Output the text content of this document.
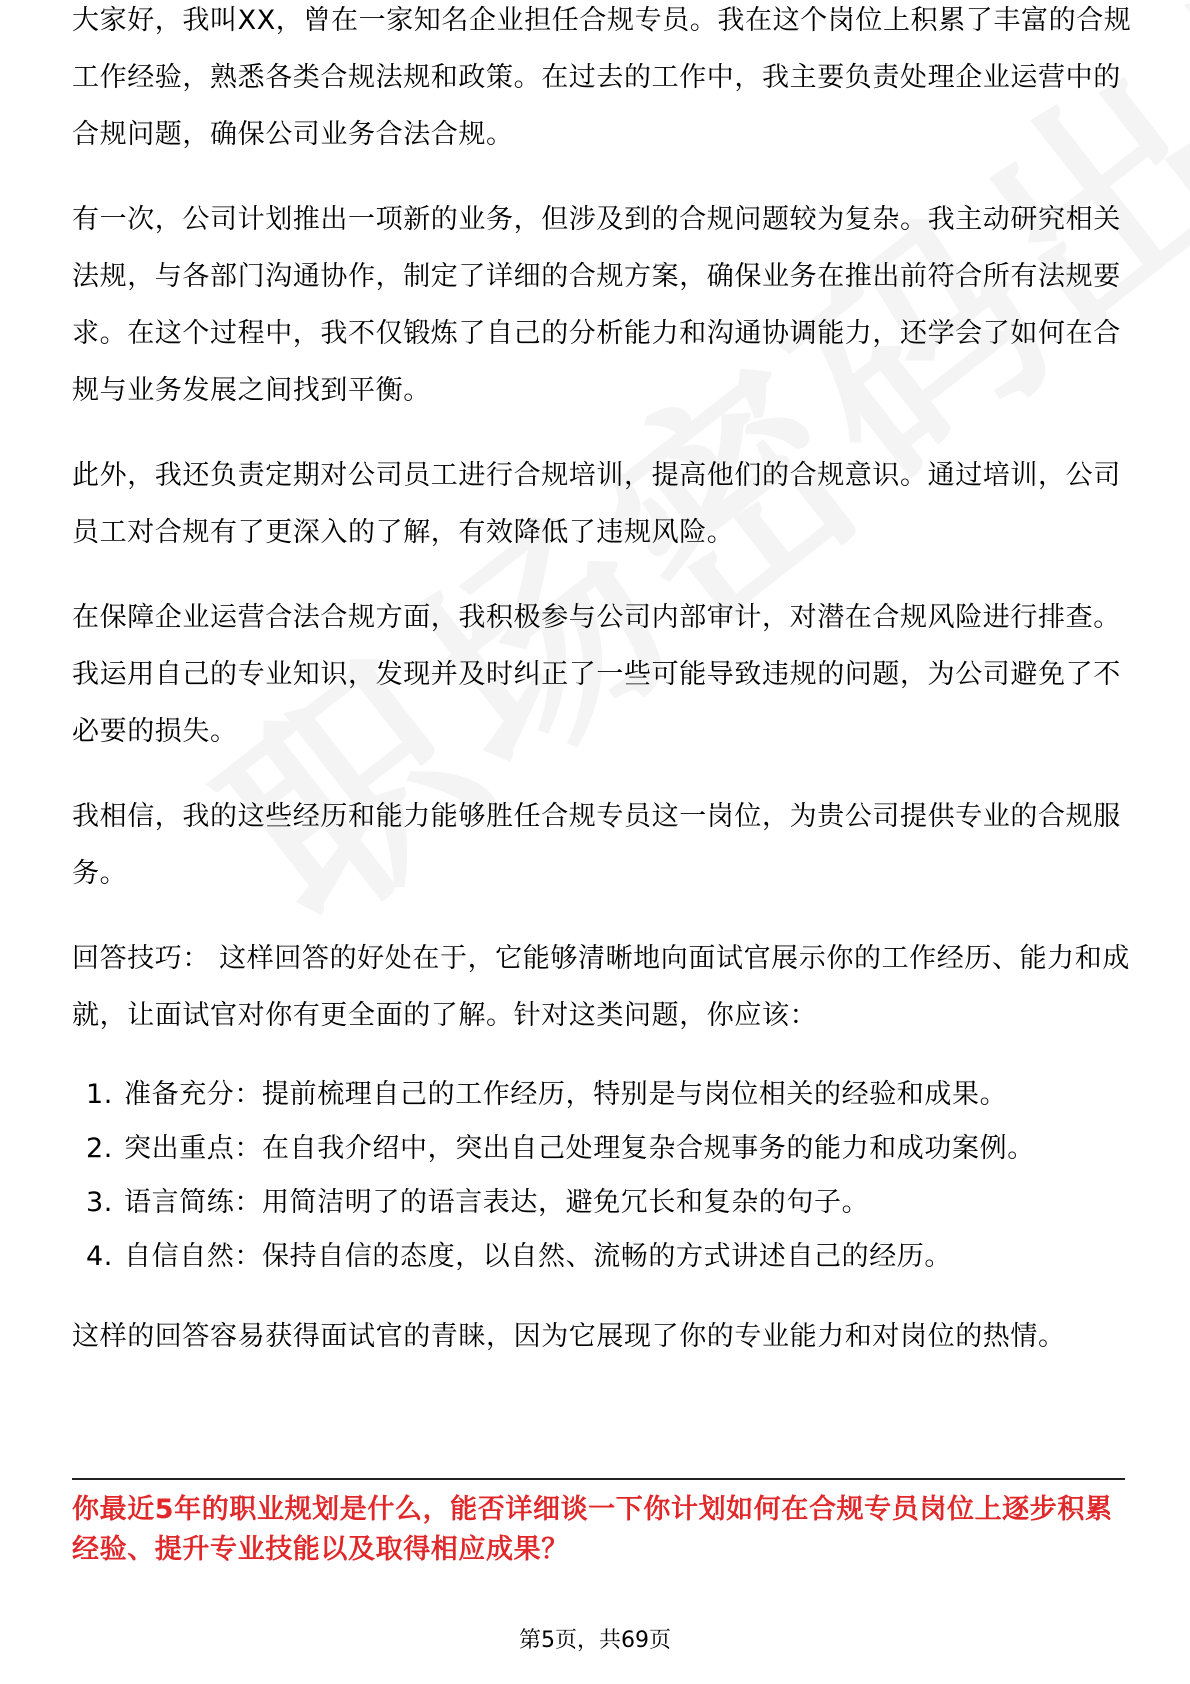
大家好，我叫XX，曾在一家知名企业担任合规专员。我在这个岗位上积累了丰富的合规工作经验，熟悉各类合规法规和政策。在过去的工作中，我主要负责处理企业运营中的合规问题，确保公司业务合法合规。

有一次，公司计划推出一项新的业务，但涉及到的合规问题较为复杂。我主动研究相关法规，与各部门沟通协作，制定了详细的合规方案，确保业务在推出前符合所有法规要求。在这个过程中，我不仅锻炼了自己的分析能力和沟通协调能力，还学会了如何在合规与业务发展之间找到平衡。

此外，我还负责定期对公司员工进行合规培训，提高他们的合规意识。通过培训，公司员工对合规有了更深入的了解，有效降低了违规风险。

在保障企业运营合法合规方面，我积极参与公司内部审计，对潜在合规风险进行排查。我运用自己的专业知识，发现并及时纠正了一些可能导致违规的问题，为公司避免了不必要的损失。

我相信，我的这些经历和能力能够胜任合规专员这一岗位，为贵公司提供专业的合规服务。

回答技巧： 这样回答的好处在于，它能够清晰地向面试官展示你的工作经历、能力和成就，让面试官对你有更全面的了解。针对这类问题，你应该：

1. 准备充分：提前梳理自己的工作经历，特别是与岗位相关的经验和成果。
2. 突出重点：在自我介绍中，突出自己处理复杂合规事务的能力和成功案例。
3. 语言简练：用简洁明了的语言表达，避免冗长和复杂的句子。
4. 自信自然：保持自信的态度，以自然、流畅的方式讲述自己的经历。

这样的回答容易获得面试官的青睐，因为它展现了你的专业能力和对岗位的热情。

你最近5年的职业规划是什么，能否详细谈一下你计划如何在合规专员岗位上逐步积累经验、提升专业技能以及取得相应成果？

第5页，共69页
